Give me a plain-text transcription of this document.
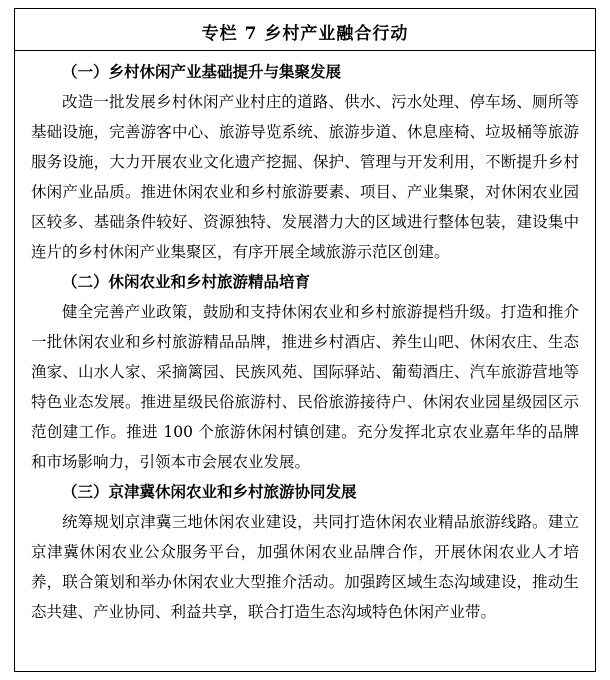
专栏 7 乡村产业融合行动

（一）乡村休闲产业基础提升与集聚发展

改造一批发展乡村休闲产业村庄的道路、供水、污水处理、停车场、厕所等基础设施，完善游客中心、旅游导览系统、旅游步道、休息座椅、垃圾桶等旅游服务设施，大力开展农业文化遗产挖掘、保护、管理与开发利用，不断提升乡村休闲产业品质。推进休闲农业和乡村旅游要素、项目、产业集聚，对休闲农业园区较多、基础条件较好、资源独特、发展潜力大的区域进行整体包装，建设集中连片的乡村休闲产业集聚区，有序开展全域旅游示范区创建。

（二）休闲农业和乡村旅游精品培育

健全完善产业政策，鼓励和支持休闲农业和乡村旅游提档升级。打造和推介一批休闲农业和乡村旅游精品品牌，推进乡村酒店、养生山吧、休闲农庄、生态渔家、山水人家、采摘篱园、民族风苑、国际驿站、葡萄酒庄、汽车旅游营地等特色业态发展。推进星级民俗旅游村、民俗旅游接待户、休闲农业园星级园区示范创建工作。推进 100 个旅游休闲村镇创建。充分发挥北京农业嘉年华的品牌和市场影响力，引领本市会展农业发展。

（三）京津冀休闲农业和乡村旅游协同发展

统筹规划京津冀三地休闲农业建设，共同打造休闲农业精品旅游线路。建立京津冀休闲农业公众服务平台，加强休闲农业品牌合作，开展休闲农业人才培养，联合策划和举办休闲农业大型推介活动。加强跨区域生态沟域建设，推动生态共建、产业协同、利益共享，联合打造生态沟域特色休闲产业带。
